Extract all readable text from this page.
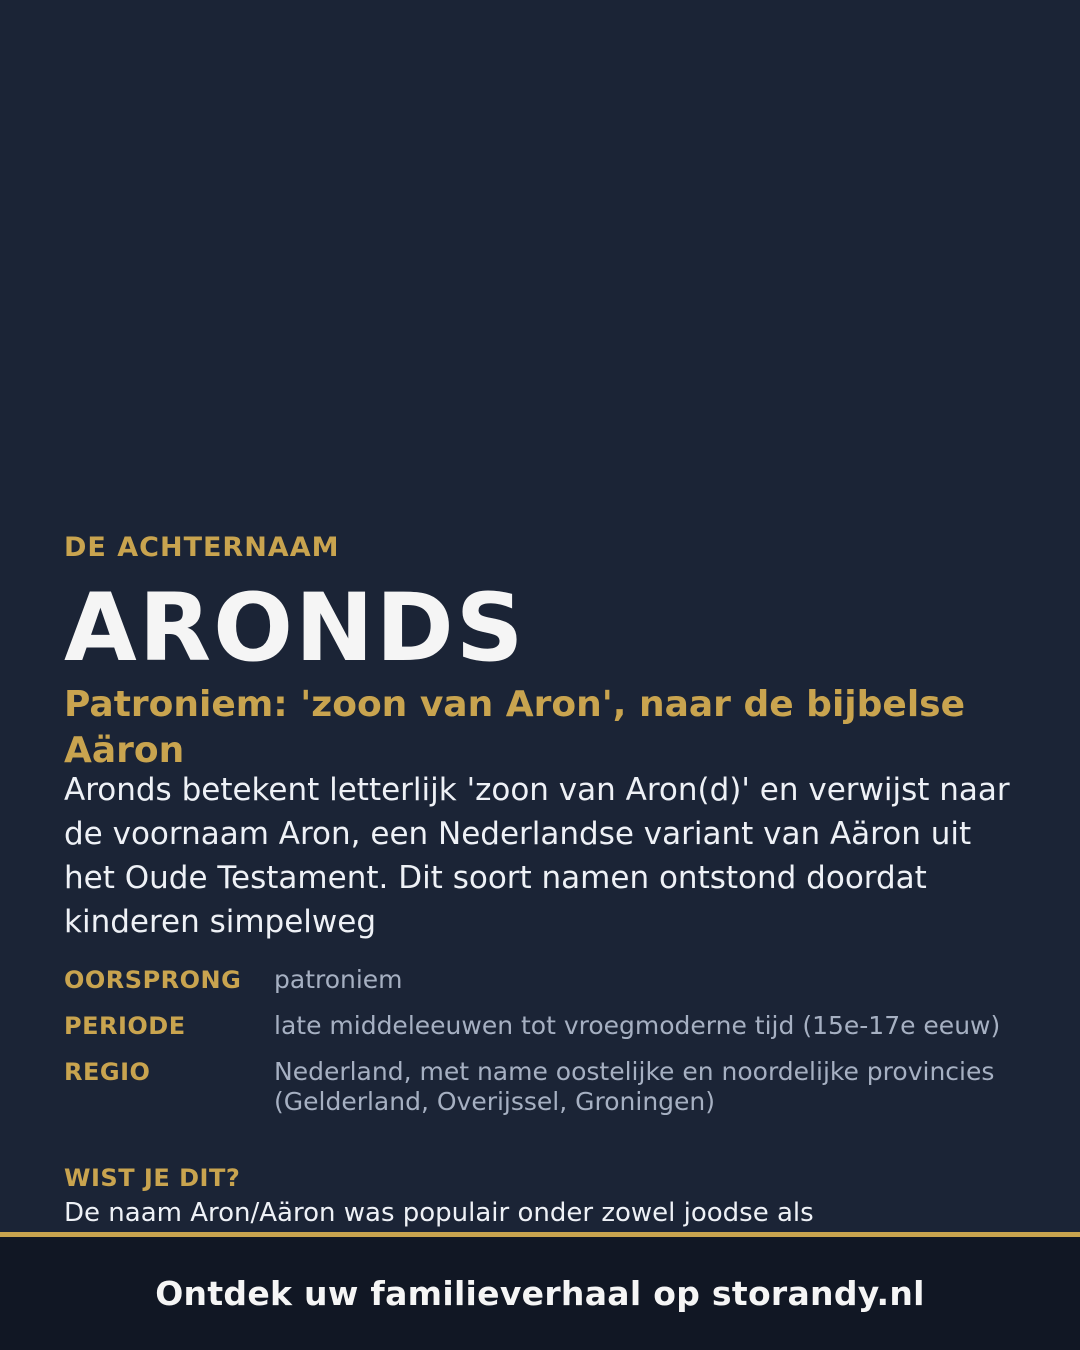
DE ACHTERNAAM
ARONDS
Patroniem: 'zoon van Aron', naar de bijbelse Aäron
Aronds betekent letterlijk 'zoon van Aron(d)' en verwijst naar de voornaam Aron, een Nederlandse variant van Aäron uit het Oude Testament. Dit soort namen ontstond doordat kinderen simpelweg
OORSPRONG	patroniem
PERIODE	late middeleeuwen tot vroegmoderne tijd (15e-17e eeuw)
REGIO	Nederland, met name oostelijke en noordelijke provincies (Gelderland, Overijssel, Groningen)
WIST JE DIT?
De naam Aron/Aäron was populair onder zowel joodse als
Ontdek uw familieverhaal op storandy.nl
